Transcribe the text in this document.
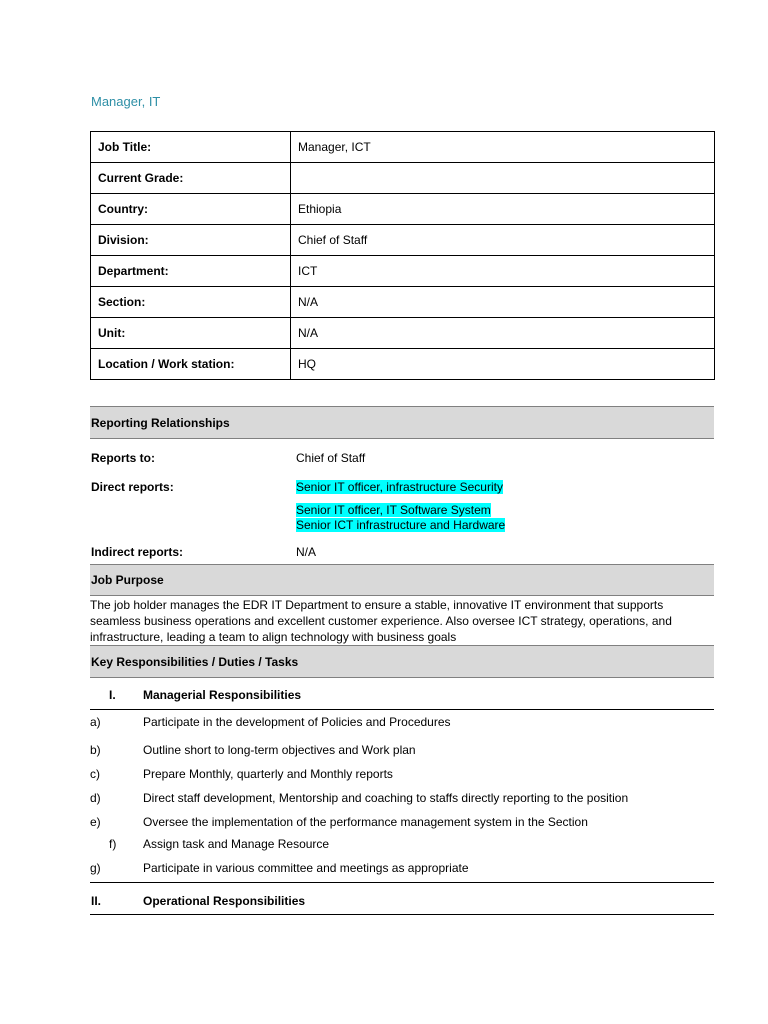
Manager, IT
Job Title:	Manager, ICT
Current Grade:	
Country:	Ethiopia
Division:	Chief of Staff
Department:	ICT
Section:	N/A
Unit:	N/A
Location / Work station:	HQ
Reporting Relationships
Reports to:	Chief of Staff
Direct reports:	Senior IT officer, infrastructure Security
Senior IT officer, IT Software System
Senior ICT infrastructure and Hardware
Indirect reports:	N/A
Job Purpose
The job holder manages the EDR IT Department to ensure a stable, innovative IT environment that supports
seamless business operations and excellent customer experience. Also oversee ICT strategy, operations, and
infrastructure, leading a team to align technology with business goals
Key Responsibilities / Duties / Tasks
I. Managerial Responsibilities
a)	Participate in the development of Policies and Procedures
b)	Outline short to long-term objectives and Work plan
c)	Prepare Monthly, quarterly and Monthly reports
d)	Direct staff development, Mentorship and coaching to staffs directly reporting to the position
e)	Oversee the implementation of the performance management system in the Section
f) Assign task and Manage Resource
g)	Participate in various committee and meetings as appropriate
II.	Operational Responsibilities
